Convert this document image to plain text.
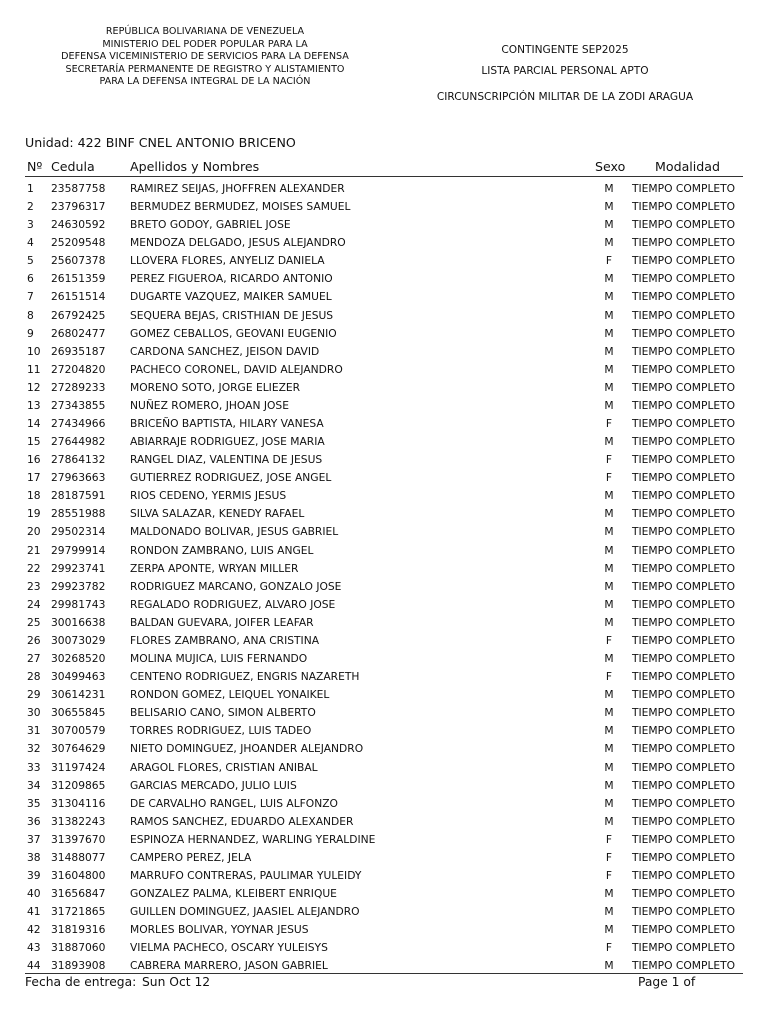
REPÚBLICA BOLIVARIANA DE VENEZUELA
MINISTERIO DEL PODER POPULAR PARA LA
DEFENSA VICEMINISTERIO DE SERVICIOS PARA LA DEFENSA
SECRETARÍA PERMANENTE DE REGISTRO Y ALISTAMIENTO
PARA LA DEFENSA INTEGRAL DE LA NACIÓN
CONTINGENTE SEP2025
LISTA PARCIAL PERSONAL APTO
CIRCUNSCRIPCIÓN MILITAR DE LA ZODI ARAGUA
Unidad: 422 BINF CNEL ANTONIO BRICENO
Nº Cedula	Apellidos y Nombres	Sexo Modalidad
1 23587758 RAMIREZ SEIJAS, JHOFFREN ALEXANDER	M	TIEMPO COMPLETO
2 23796317 BERMUDEZ BERMUDEZ, MOISES SAMUEL	M	TIEMPO COMPLETO
3 24630592 BRETO GODOY, GABRIEL JOSE	M	TIEMPO COMPLETO
4 25209548 MENDOZA DELGADO, JESUS ALEJANDRO	M	TIEMPO COMPLETO
5 25607378 LLOVERA FLORES, ANYELIZ DANIELA	F	TIEMPO COMPLETO
6 26151359 PEREZ FIGUEROA, RICARDO ANTONIO	M	TIEMPO COMPLETO
7 26151514 DUGARTE VAZQUEZ, MAIKER SAMUEL	M	TIEMPO COMPLETO
8 26792425 SEQUERA BEJAS, CRISTHIAN DE JESUS	M	TIEMPO COMPLETO
9 26802477 GOMEZ CEBALLOS, GEOVANI EUGENIO	M	TIEMPO COMPLETO
10 26935187 CARDONA SANCHEZ, JEISON DAVID	M	TIEMPO COMPLETO
11 27204820 PACHECO CORONEL, DAVID ALEJANDRO	M	TIEMPO COMPLETO
12 27289233 MORENO SOTO, JORGE ELIEZER	M	TIEMPO COMPLETO
13 27343855 NUÑEZ ROMERO, JHOAN JOSE	M	TIEMPO COMPLETO
14 27434966 BRICEÑO BAPTISTA, HILARY VANESA	F	TIEMPO COMPLETO
15 27644982 ABIARRAJE RODRIGUEZ, JOSE MARIA	M	TIEMPO COMPLETO
16 27864132 RANGEL DIAZ, VALENTINA DE JESUS	F	TIEMPO COMPLETO
17 27963663 GUTIERREZ RODRIGUEZ, JOSE ANGEL	F	TIEMPO COMPLETO
18 28187591 RIOS CEDENO, YERMIS JESUS	M	TIEMPO COMPLETO
19 28551988 SILVA SALAZAR, KENEDY RAFAEL	M	TIEMPO COMPLETO
20 29502314 MALDONADO BOLIVAR, JESUS GABRIEL	M	TIEMPO COMPLETO
21 29799914 RONDON ZAMBRANO, LUIS ANGEL	M	TIEMPO COMPLETO
22 29923741 ZERPA APONTE, WRYAN MILLER	M	TIEMPO COMPLETO
23 29923782 RODRIGUEZ MARCANO, GONZALO JOSE	M	TIEMPO COMPLETO
24 29981743 REGALADO RODRIGUEZ, ALVARO JOSE	M	TIEMPO COMPLETO
25 30016638 BALDAN GUEVARA, JOIFER LEAFAR	M	TIEMPO COMPLETO
26 30073029 FLORES ZAMBRANO, ANA CRISTINA	F	TIEMPO COMPLETO
27 30268520 MOLINA MUJICA, LUIS FERNANDO	M	TIEMPO COMPLETO
28 30499463 CENTENO RODRIGUEZ, ENGRIS NAZARETH	F	TIEMPO COMPLETO
29 30614231 RONDON GOMEZ, LEIQUEL YONAIKEL	M	TIEMPO COMPLETO
30 30655845 BELISARIO CANO, SIMON ALBERTO	M	TIEMPO COMPLETO
31 30700579 TORRES RODRIGUEZ, LUIS TADEO	M	TIEMPO COMPLETO
32 30764629 NIETO DOMINGUEZ, JHOANDER ALEJANDRO	M	TIEMPO COMPLETO
33 31197424 ARAGOL FLORES, CRISTIAN ANIBAL	M	TIEMPO COMPLETO
34 31209865 GARCIAS MERCADO, JULIO LUIS	M	TIEMPO COMPLETO
35 31304116 DE CARVALHO RANGEL, LUIS ALFONZO	M	TIEMPO COMPLETO
36 31382243 RAMOS SANCHEZ, EDUARDO ALEXANDER	M	TIEMPO COMPLETO
37 31397670 ESPINOZA HERNANDEZ, WARLING YERALDINE	F	TIEMPO COMPLETO
38 31488077 CAMPERO PEREZ, JELA	F	TIEMPO COMPLETO
39 31604800 MARRUFO CONTRERAS, PAULIMAR YULEIDY	F	TIEMPO COMPLETO
40 31656847 GONZALEZ PALMA, KLEIBERT ENRIQUE	M	TIEMPO COMPLETO
41 31721865 GUILLEN DOMINGUEZ, JAASIEL ALEJANDRO	M	TIEMPO COMPLETO
42 31819316 MORLES BOLIVAR, YOYNAR JESUS	M	TIEMPO COMPLETO
43 31887060 VIELMA PACHECO, OSCARY YULEISYS	F	TIEMPO COMPLETO
44 31893908 CABRERA MARRERO, JASON GABRIEL	M	TIEMPO COMPLETO
Fecha de entrega: Sun Oct 12	Page 1 of
